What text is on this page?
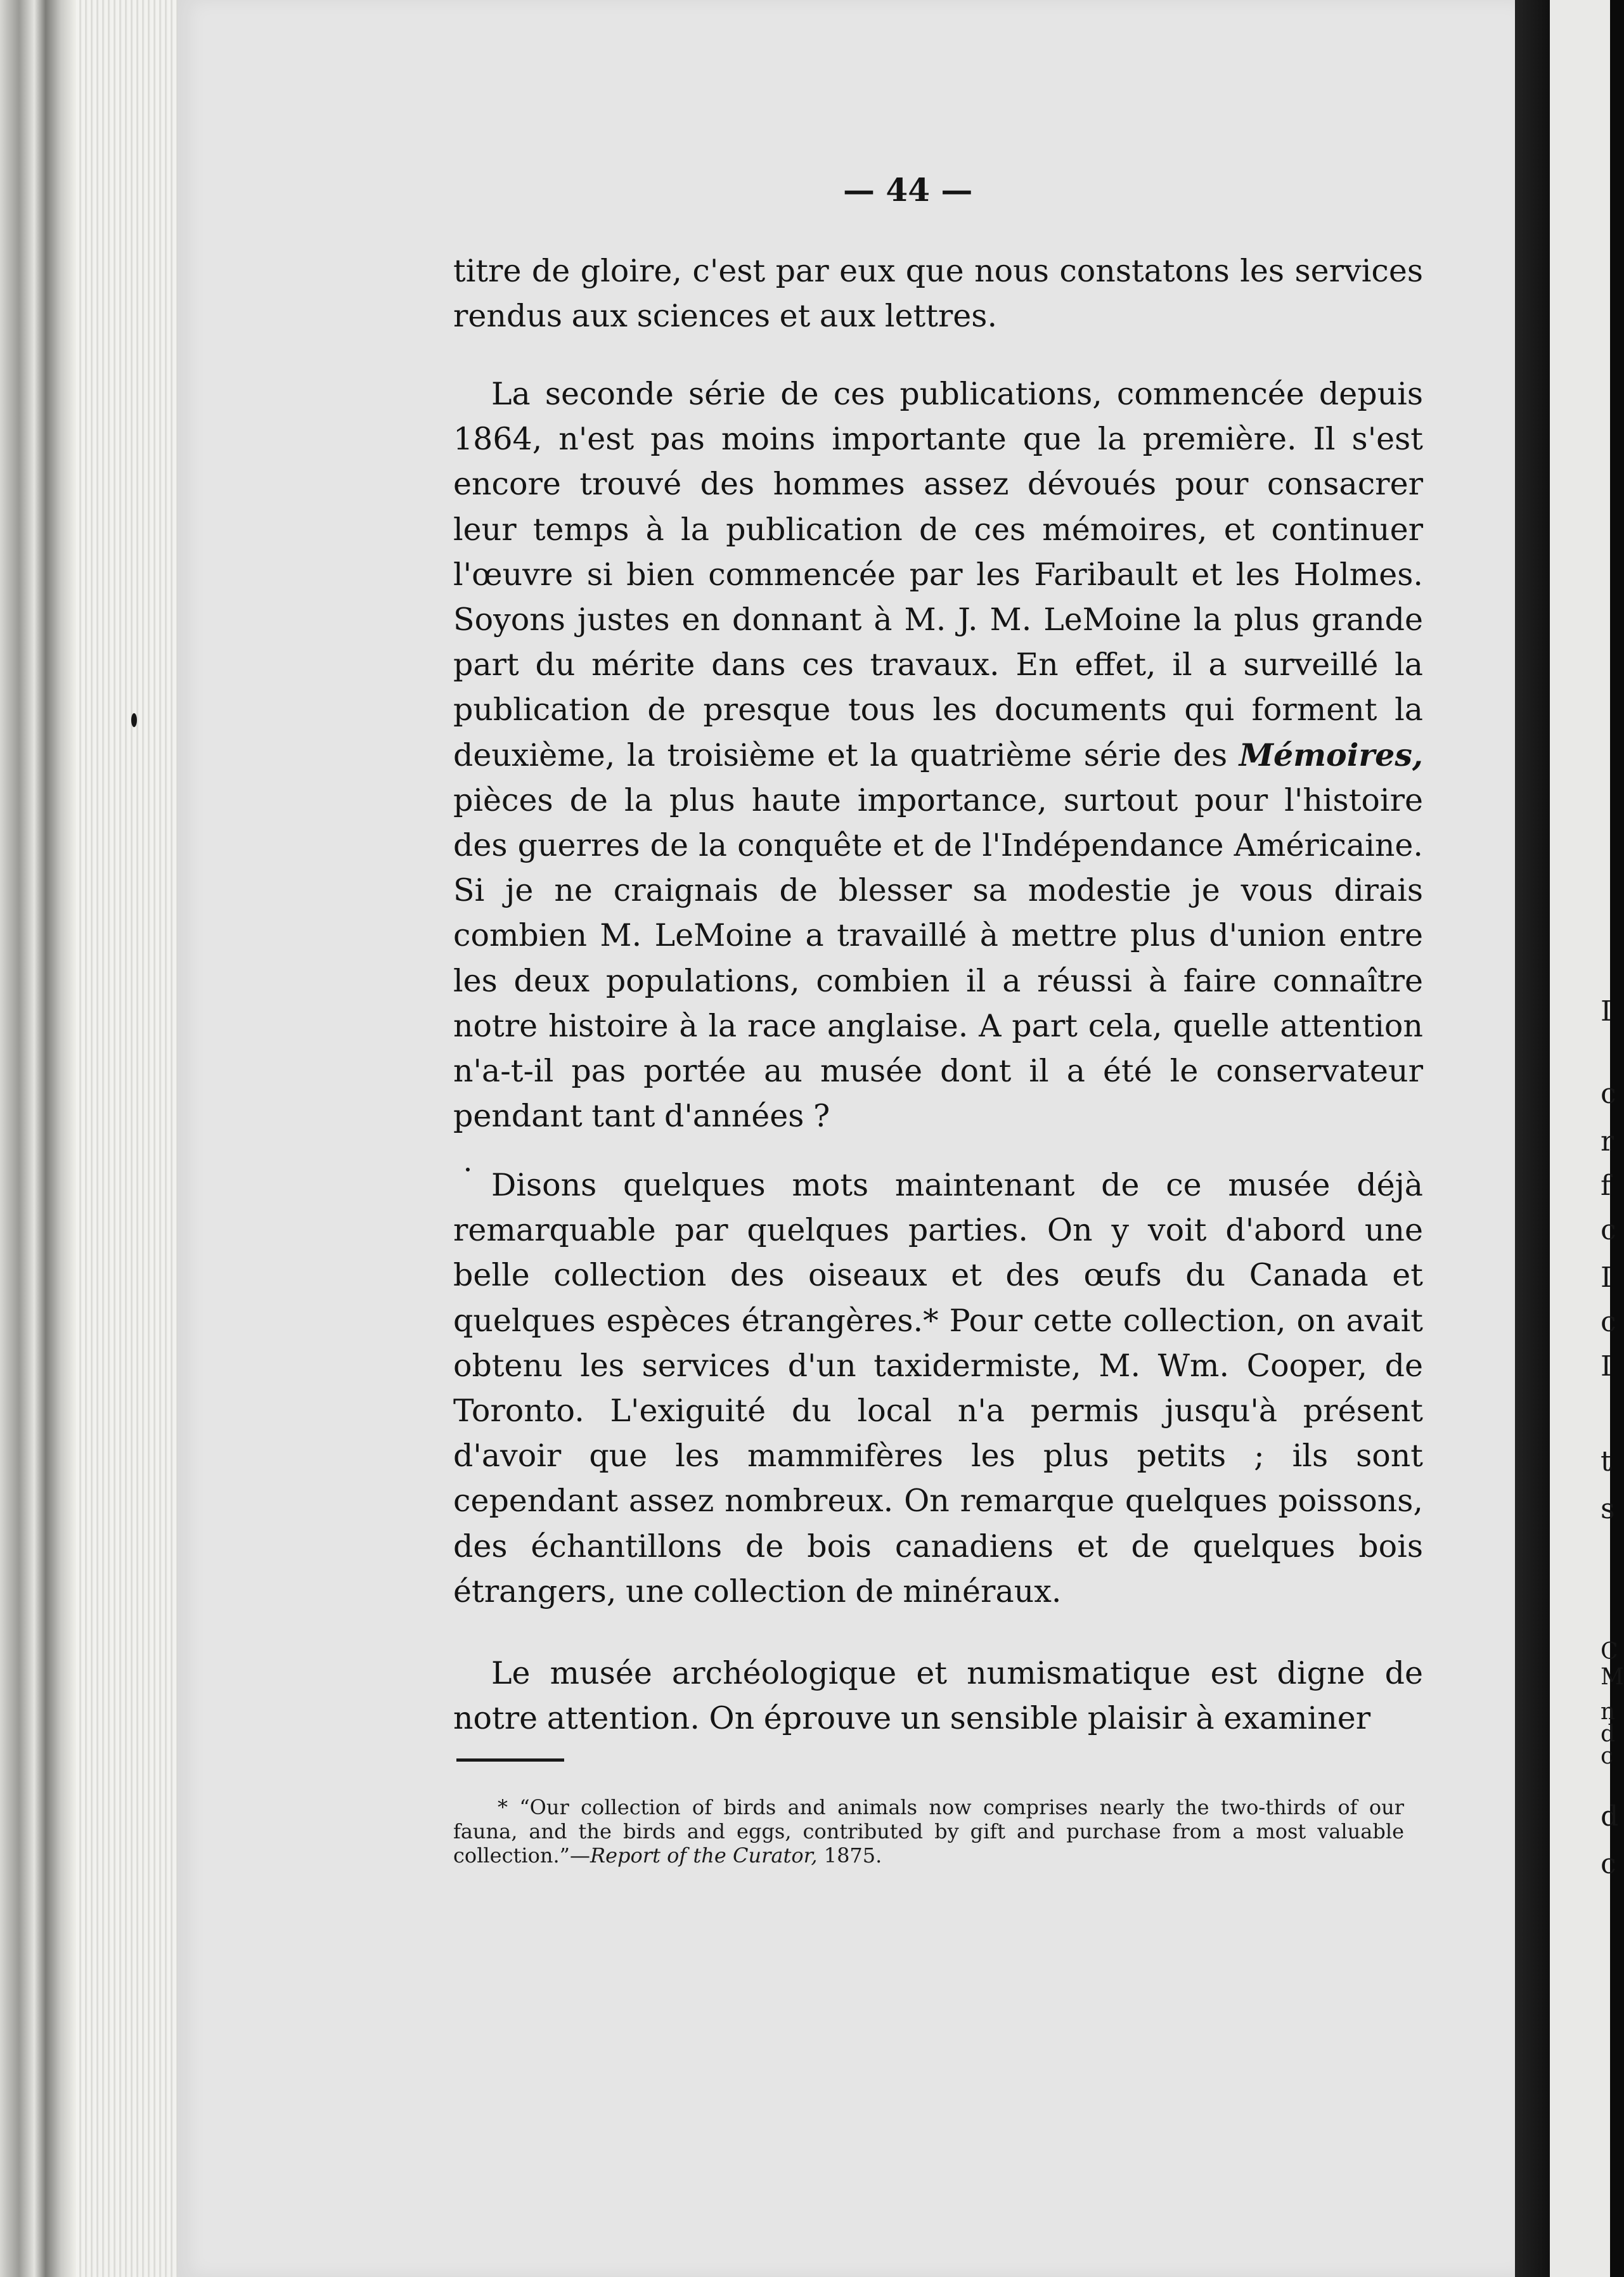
I
c
r
f
c
I
c
I
t
s
C
M
n
d
c
d
c
— 44 —

titre de gloire, c'est par eux que nous constatons les services rendus aux sciences et aux lettres.

La seconde série de ces publications, commencée depuis 1864, n'est pas moins importante que la première. Il s'est encore trouvé des hommes assez dévoués pour consacrer leur temps à la publication de ces mémoires, et continuer l'œuvre si bien commencée par les Faribault et les Holmes. Soyons justes en donnant à M. J. M. LeMoine la plus grande part du mérite dans ces travaux. En effet, il a surveillé la publication de presque tous les documents qui forment la deuxième, la troisième et la quatrième série des Mémoires, pièces de la plus haute importance, surtout pour l'histoire des guerres de la conquête et de l'Indépendance Américaine. Si je ne craignais de blesser sa modestie je vous dirais combien M. LeMoine a travaillé à mettre plus d'union entre les deux populations, combien il a réussi à faire connaître notre histoire à la race anglaise. A part cela, quelle attention n'a-t-il pas portée au musée dont il a été le conservateur pendant tant d'années ?

Disons quelques mots maintenant de ce musée déjà remarquable par quelques parties. On y voit d'abord une belle collection des oiseaux et des œufs du Canada et quelques espèces étrangères.* Pour cette collection, on avait obtenu les services d'un taxidermiste, M. Wm. Cooper, de Toronto. L'exiguité du local n'a permis jusqu'à présent d'avoir que les mammifères les plus petits ; ils sont cependant assez nombreux. On remarque quelques poissons, des échantillons de bois canadiens et de quelques bois étrangers, une collection de minéraux.

Le musée archéologique et numismatique est digne de notre attention. On éprouve un sensible plaisir à examiner

* “Our collection of birds and animals now comprises nearly the two-thirds of our fauna, and the birds and eggs, contributed by gift and purchase from a most valuable collection.”—Report of the Curator, 1875.
